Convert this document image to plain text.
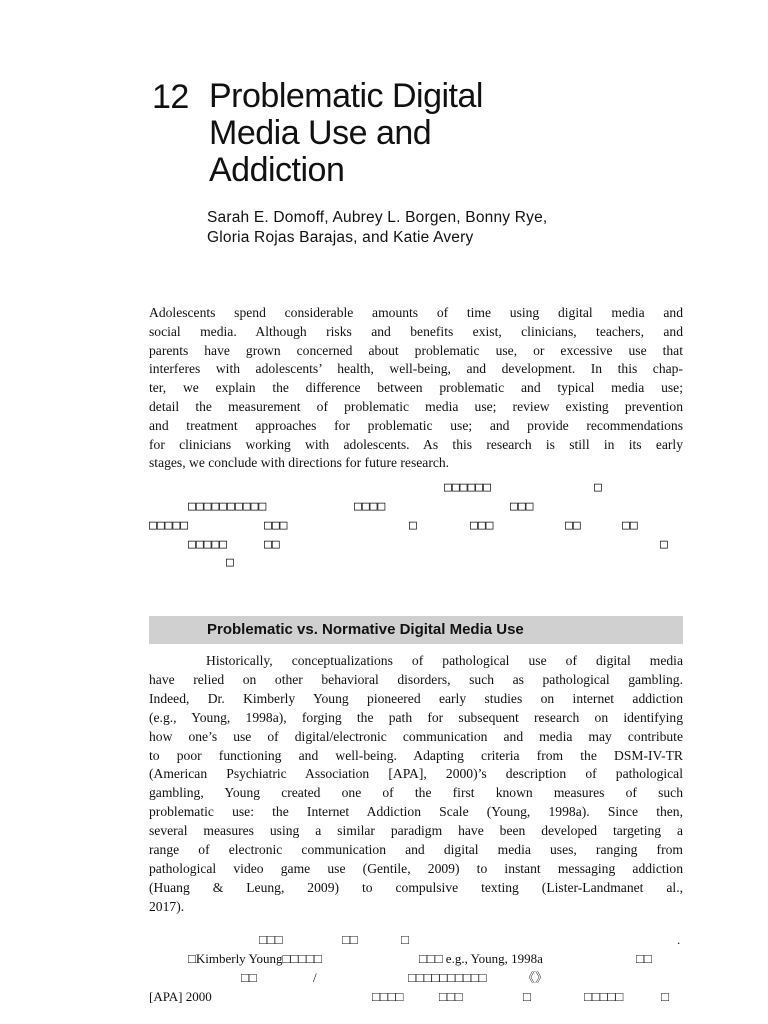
12 Problematic Digital
Media Use and
Addiction
Sarah E. Domoff, Aubrey L. Borgen, Bonny Rye,
Gloria Rojas Barajas, and Katie Avery
Adolescents spend considerable amounts of time using digital media and
social media. Although risks and benefits exist, clinicians, teachers, and
parents have grown concerned about problematic use, or excessive use that
interferes with adolescents’ health, well-being, and development. In this chap-
ter, we explain the difference between problematic and typical media use;
detail the measurement of problematic media use; review existing prevention
and treatment approaches for problematic use; and provide recommendations
for clinicians working with adolescents. As this research is still in its early
stages, we conclude with directions for future research.
□□□□□□	□
□□□□□□□□□□	□□□□	□□□
□□□□□	□□□	□	□□□	□□	□□
□□□□□	□□	□
□
Problematic vs. Normative Digital Media Use
Historically, conceptualizations of pathological use of digital media
have relied on other behavioral disorders, such as pathological gambling.
Indeed, Dr. Kimberly Young pioneered early studies on internet addiction
(e.g., Young, 1998a), forging the path for subsequent research on identifying
how one’s use of digital/electronic communication and media may contribute
to poor functioning and well-being. Adapting criteria from the DSM-IV-TR
(American Psychiatric Association [APA], 2000)’s description of pathological
gambling, Young created one of the first known measures of such
problematic use: the Internet Addiction Scale (Young, 1998a). Since then,
several measures using a similar paradigm have been developed targeting a
range of electronic communication and digital media uses, ranging from
pathological video game use (Gentile, 2009) to instant messaging addiction
(Huang & Leung, 2009) to compulsive texting (Lister-Landmanet al.,
2017).
□□□	□□	□	.
□Kimberly Young□□□□□	□□□ e.g., Young, 1998a	□□
□□	/	□□□□□□□□□□	《》
[APA] 2000	□□□□	□□□	□	□□□□□	□
